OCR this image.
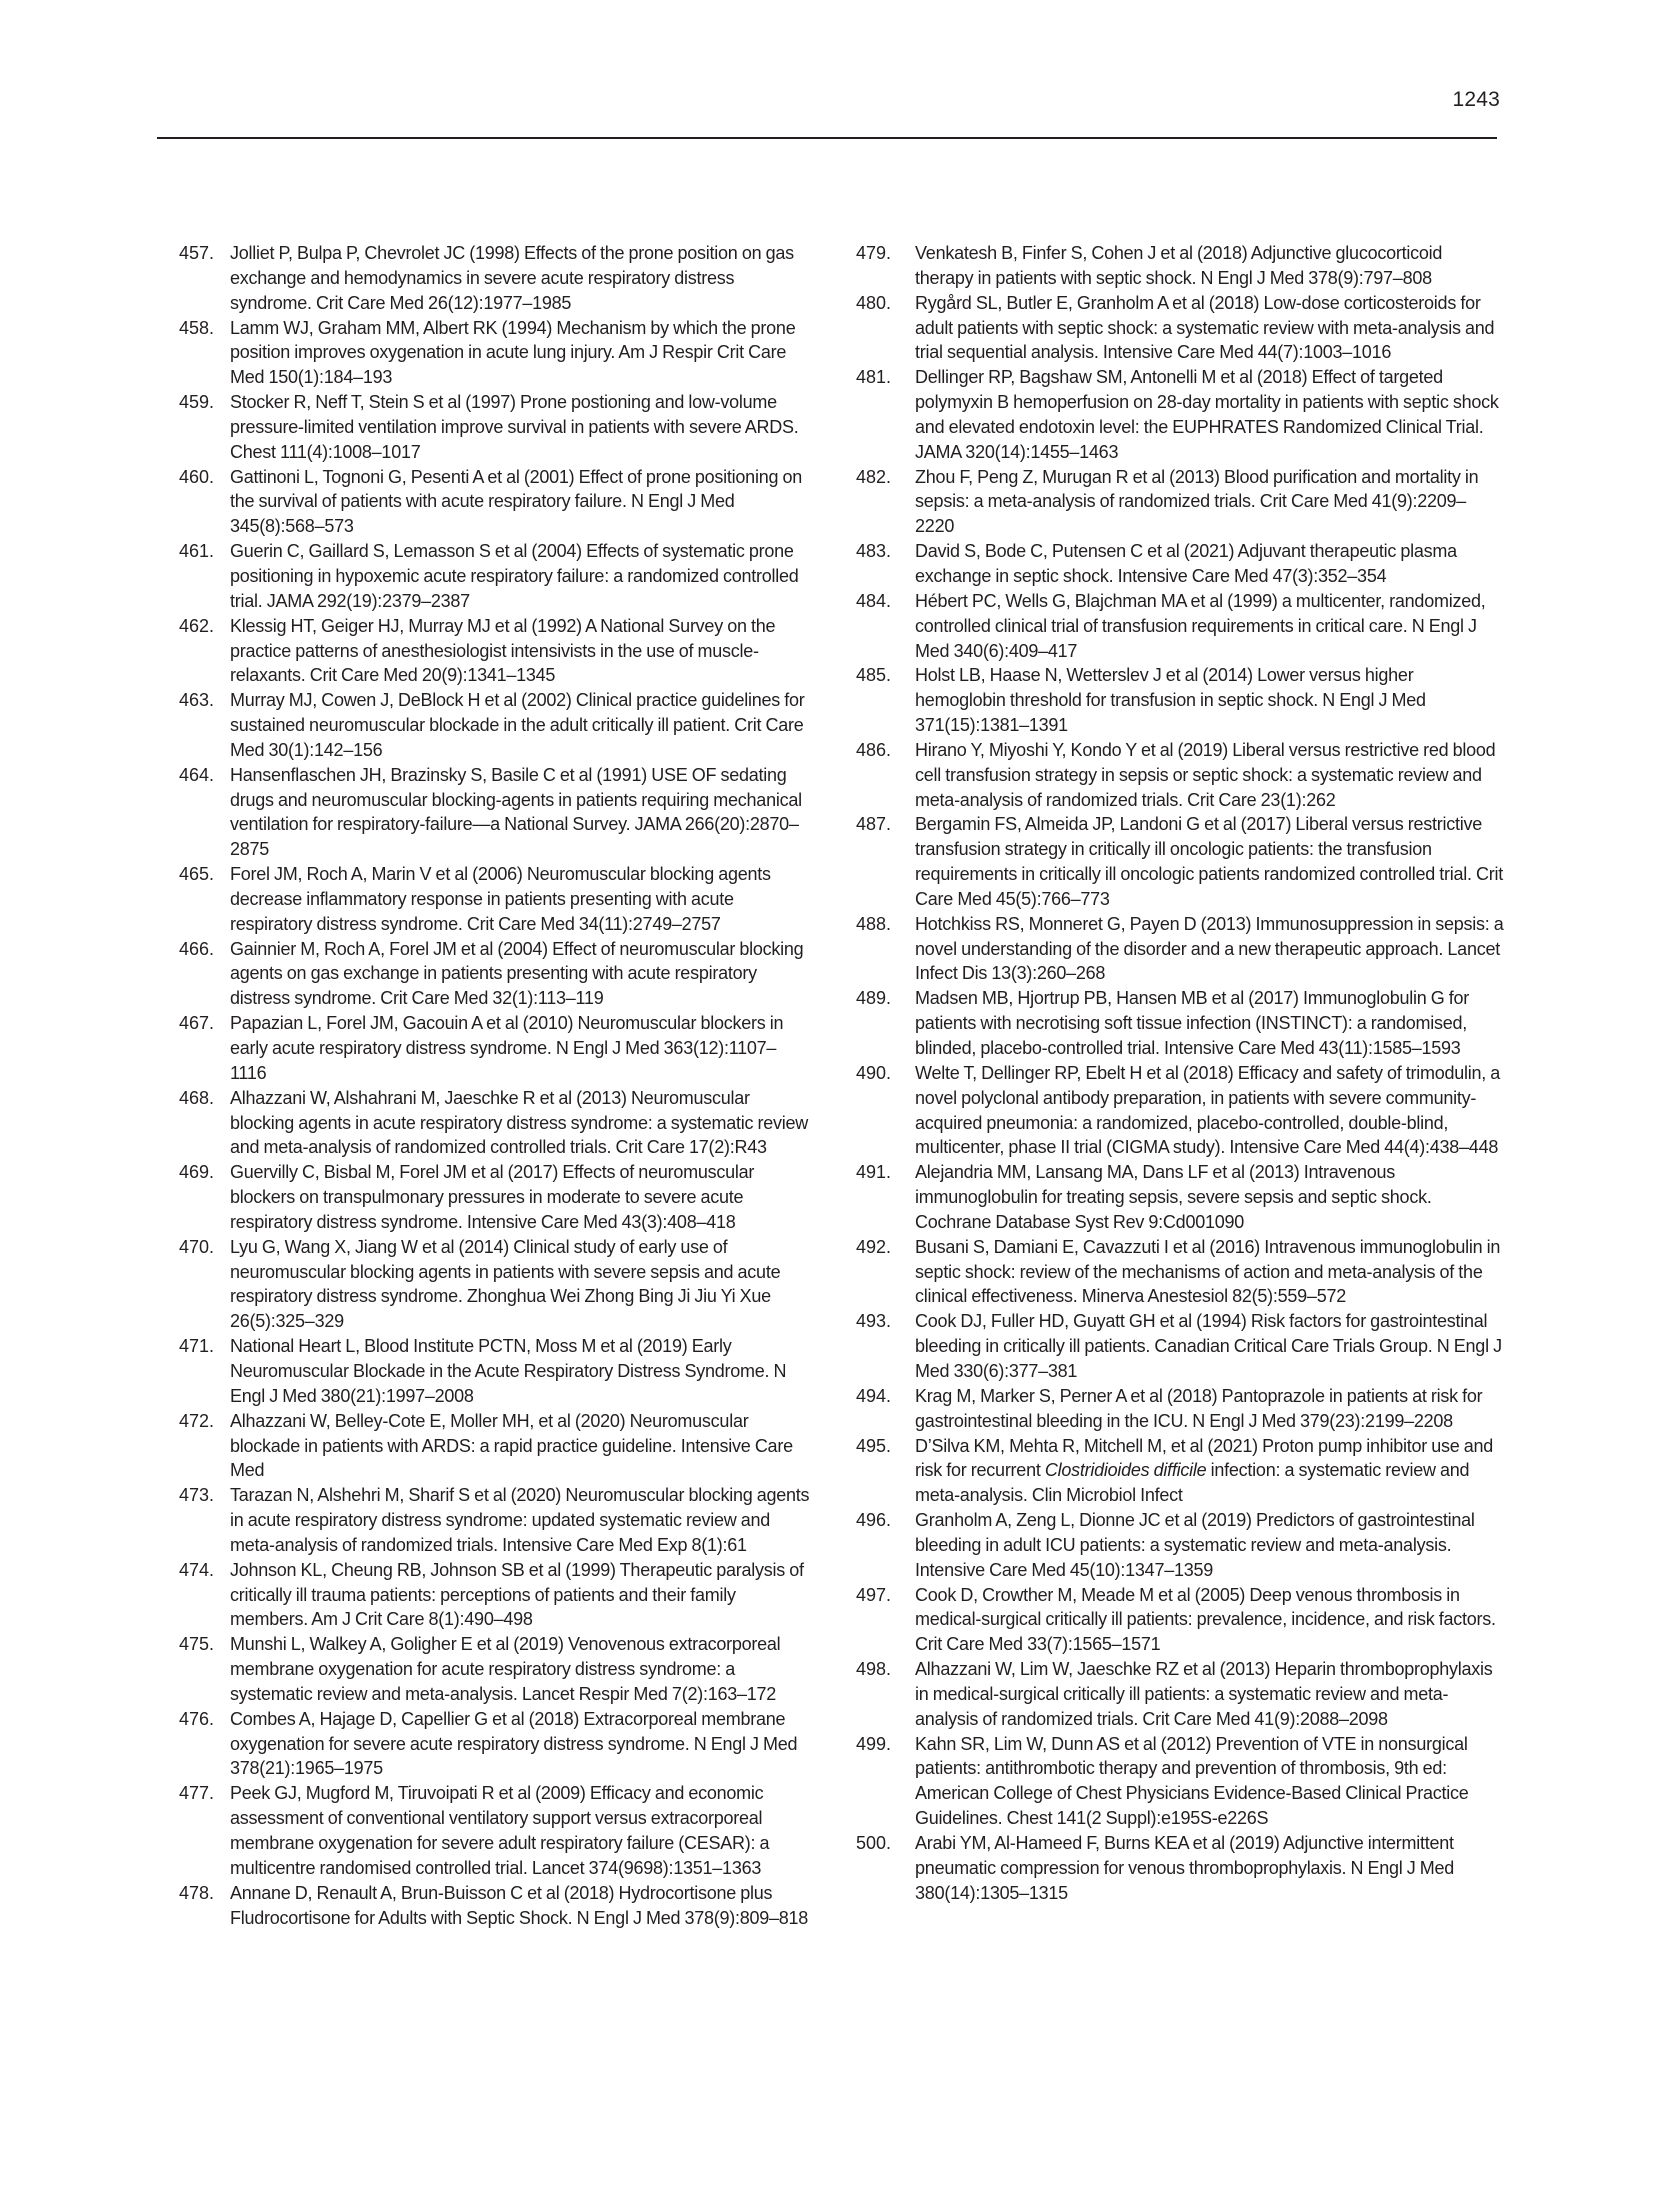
1243
457. Jolliet P, Bulpa P, Chevrolet JC (1998) Effects of the prone position on gas exchange and hemodynamics in severe acute respiratory distress syndrome. Crit Care Med 26(12):1977–1985
458. Lamm WJ, Graham MM, Albert RK (1994) Mechanism by which the prone position improves oxygenation in acute lung injury. Am J Respir Crit Care Med 150(1):184–193
459. Stocker R, Neff T, Stein S et al (1997) Prone postioning and low-volume pressure-limited ventilation improve survival in patients with severe ARDS. Chest 111(4):1008–1017
460. Gattinoni L, Tognoni G, Pesenti A et al (2001) Effect of prone positioning on the survival of patients with acute respiratory failure. N Engl J Med 345(8):568–573
461. Guerin C, Gaillard S, Lemasson S et al (2004) Effects of systematic prone positioning in hypoxemic acute respiratory failure: a randomized controlled trial. JAMA 292(19):2379–2387
462. Klessig HT, Geiger HJ, Murray MJ et al (1992) A National Survey on the practice patterns of anesthesiologist intensivists in the use of muscle-relaxants. Crit Care Med 20(9):1341–1345
463. Murray MJ, Cowen J, DeBlock H et al (2002) Clinical practice guidelines for sustained neuromuscular blockade in the adult critically ill patient. Crit Care Med 30(1):142–156
464. Hansenflaschen JH, Brazinsky S, Basile C et al (1991) USE OF sedating drugs and neuromuscular blocking-agents in patients requiring mechanical ventilation for respiratory-failure—a National Survey. JAMA 266(20):2870–2875
465. Forel JM, Roch A, Marin V et al (2006) Neuromuscular blocking agents decrease inflammatory response in patients presenting with acute respiratory distress syndrome. Crit Care Med 34(11):2749–2757
466. Gainnier M, Roch A, Forel JM et al (2004) Effect of neuromuscular blocking agents on gas exchange in patients presenting with acute respiratory distress syndrome. Crit Care Med 32(1):113–119
467. Papazian L, Forel JM, Gacouin A et al (2010) Neuromuscular blockers in early acute respiratory distress syndrome. N Engl J Med 363(12):1107–1116
468. Alhazzani W, Alshahrani M, Jaeschke R et al (2013) Neuromuscular blocking agents in acute respiratory distress syndrome: a systematic review and meta-analysis of randomized controlled trials. Crit Care 17(2):R43
469. Guervilly C, Bisbal M, Forel JM et al (2017) Effects of neuromuscular blockers on transpulmonary pressures in moderate to severe acute respiratory distress syndrome. Intensive Care Med 43(3):408–418
470. Lyu G, Wang X, Jiang W et al (2014) Clinical study of early use of neuromuscular blocking agents in patients with severe sepsis and acute respiratory distress syndrome. Zhonghua Wei Zhong Bing Ji Jiu Yi Xue 26(5):325–329
471. National Heart L, Blood Institute PCTN, Moss M et al (2019) Early Neuromuscular Blockade in the Acute Respiratory Distress Syndrome. N Engl J Med 380(21):1997–2008
472. Alhazzani W, Belley-Cote E, Moller MH, et al (2020) Neuromuscular blockade in patients with ARDS: a rapid practice guideline. Intensive Care Med
473. Tarazan N, Alshehri M, Sharif S et al (2020) Neuromuscular blocking agents in acute respiratory distress syndrome: updated systematic review and meta-analysis of randomized trials. Intensive Care Med Exp 8(1):61
474. Johnson KL, Cheung RB, Johnson SB et al (1999) Therapeutic paralysis of critically ill trauma patients: perceptions of patients and their family members. Am J Crit Care 8(1):490–498
475. Munshi L, Walkey A, Goligher E et al (2019) Venovenous extracorporeal membrane oxygenation for acute respiratory distress syndrome: a systematic review and meta-analysis. Lancet Respir Med 7(2):163–172
476. Combes A, Hajage D, Capellier G et al (2018) Extracorporeal membrane oxygenation for severe acute respiratory distress syndrome. N Engl J Med 378(21):1965–1975
477. Peek GJ, Mugford M, Tiruvoipati R et al (2009) Efficacy and economic assessment of conventional ventilatory support versus extracorporeal membrane oxygenation for severe adult respiratory failure (CESAR): a multicentre randomised controlled trial. Lancet 374(9698):1351–1363
478. Annane D, Renault A, Brun-Buisson C et al (2018) Hydrocortisone plus Fludrocortisone for Adults with Septic Shock. N Engl J Med 378(9):809–818
479.	Venkatesh B, Finfer S, Cohen J et al (2018) Adjunctive glucocorticoid therapy in patients with septic shock. N Engl J Med 378(9):797–808
480.	Rygård SL, Butler E, Granholm A et al (2018) Low-dose corticosteroids for adult patients with septic shock: a systematic review with meta-analysis and trial sequential analysis. Intensive Care Med 44(7):1003–1016
481.	Dellinger RP, Bagshaw SM, Antonelli M et al (2018) Effect of targeted polymyxin B hemoperfusion on 28-day mortality in patients with septic shock and elevated endotoxin level: the EUPHRATES Randomized Clinical Trial. JAMA 320(14):1455–1463
482.	Zhou F, Peng Z, Murugan R et al (2013) Blood purification and mortality in sepsis: a meta-analysis of randomized trials. Crit Care Med 41(9):2209–2220
483.	David S, Bode C, Putensen C et al (2021) Adjuvant therapeutic plasma exchange in septic shock. Intensive Care Med 47(3):352–354
484.	Hébert PC, Wells G, Blajchman MA et al (1999) a multicenter, randomized, controlled clinical trial of transfusion requirements in critical care. N Engl J Med 340(6):409–417
485.	Holst LB, Haase N, Wetterslev J et al (2014) Lower versus higher hemoglobin threshold for transfusion in septic shock. N Engl J Med 371(15):1381–1391
486.	Hirano Y, Miyoshi Y, Kondo Y et al (2019) Liberal versus restrictive red blood cell transfusion strategy in sepsis or septic shock: a systematic review and meta-analysis of randomized trials. Crit Care 23(1):262
487.	Bergamin FS, Almeida JP, Landoni G et al (2017) Liberal versus restrictive transfusion strategy in critically ill oncologic patients: the transfusion requirements in critically ill oncologic patients randomized controlled trial. Crit Care Med 45(5):766–773
488.	Hotchkiss RS, Monneret G, Payen D (2013) Immunosuppression in sepsis: a novel understanding of the disorder and a new therapeutic approach. Lancet Infect Dis 13(3):260–268
489.	Madsen MB, Hjortrup PB, Hansen MB et al (2017) Immunoglobulin G for patients with necrotising soft tissue infection (INSTINCT): a randomised, blinded, placebo-controlled trial. Intensive Care Med 43(11):1585–1593
490.	Welte T, Dellinger RP, Ebelt H et al (2018) Efficacy and safety of trimodulin, a novel polyclonal antibody preparation, in patients with severe community-acquired pneumonia: a randomized, placebo-controlled, double-blind, multicenter, phase II trial (CIGMA study). Intensive Care Med 44(4):438–448
491.	Alejandria MM, Lansang MA, Dans LF et al (2013) Intravenous immunoglobulin for treating sepsis, severe sepsis and septic shock. Cochrane Database Syst Rev 9:Cd001090
492.	Busani S, Damiani E, Cavazzuti I et al (2016) Intravenous immunoglobulin in septic shock: review of the mechanisms of action and meta-analysis of the clinical effectiveness. Minerva Anestesiol 82(5):559–572
493.	Cook DJ, Fuller HD, Guyatt GH et al (1994) Risk factors for gastrointestinal bleeding in critically ill patients. Canadian Critical Care Trials Group. N Engl J Med 330(6):377–381
494.	Krag M, Marker S, Perner A et al (2018) Pantoprazole in patients at risk for gastrointestinal bleeding in the ICU. N Engl J Med 379(23):2199–2208
495.	D’Silva KM, Mehta R, Mitchell M, et al (2021) Proton pump inhibitor use and risk for recurrent Clostridioides difficile infection: a systematic review and meta-analysis. Clin Microbiol Infect
496.	Granholm A, Zeng L, Dionne JC et al (2019) Predictors of gastrointestinal bleeding in adult ICU patients: a systematic review and meta-analysis. Intensive Care Med 45(10):1347–1359
497.	Cook D, Crowther M, Meade M et al (2005) Deep venous thrombosis in medical-surgical critically ill patients: prevalence, incidence, and risk factors. Crit Care Med 33(7):1565–1571
498.	Alhazzani W, Lim W, Jaeschke RZ et al (2013) Heparin thromboprophylaxis in medical-surgical critically ill patients: a systematic review and meta-analysis of randomized trials. Crit Care Med 41(9):2088–2098
499.	Kahn SR, Lim W, Dunn AS et al (2012) Prevention of VTE in nonsurgical patients: antithrombotic therapy and prevention of thrombosis, 9th ed: American College of Chest Physicians Evidence-Based Clinical Practice Guidelines. Chest 141(2 Suppl):e195S-e226S
500.	Arabi YM, Al-Hameed F, Burns KEA et al (2019) Adjunctive intermittent pneumatic compression for venous thromboprophylaxis. N Engl J Med 380(14):1305–1315
